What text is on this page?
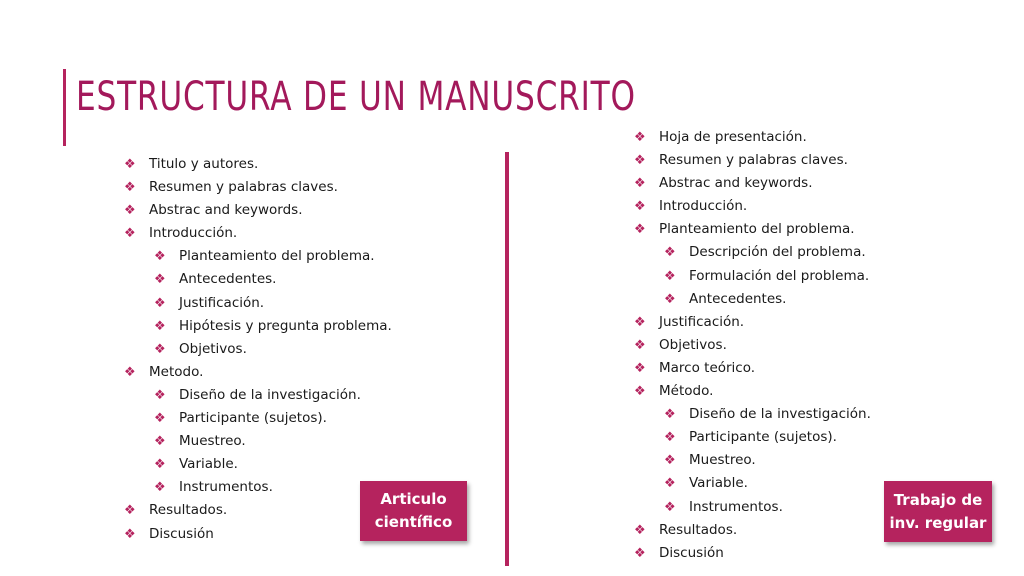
ESTRUCTURA DE UN MANUSCRITO
❖ Titulo y autores.
❖ Resumen y palabras claves.
❖ Abstrac and keywords.
❖ Introducción.
❖ Planteamiento del problema.
❖ Antecedentes.
❖ Justificación.
❖ Hipótesis y pregunta problema.
❖ Objetivos.
❖ Metodo.
❖ Diseño de la investigación.
❖ Participante (sujetos).
❖ Muestreo.
❖ Variable.
❖ Instrumentos.
❖ Resultados.
❖ Discusión
❖ Hoja de presentación.
❖ Resumen y palabras claves.
❖ Abstrac and keywords.
❖ Introducción.
❖ Planteamiento del problema.
❖ Descripción del problema.
❖ Formulación del problema.
❖ Antecedentes.
❖ Justificación.
❖ Objetivos.
❖ Marco teórico.
❖ Método.
❖ Diseño de la investigación.
❖ Participante (sujetos).
❖ Muestreo.
❖ Variable.
❖ Instrumentos.
❖ Resultados.
❖ Discusión
Articulo científico
Trabajo de inv. regular
